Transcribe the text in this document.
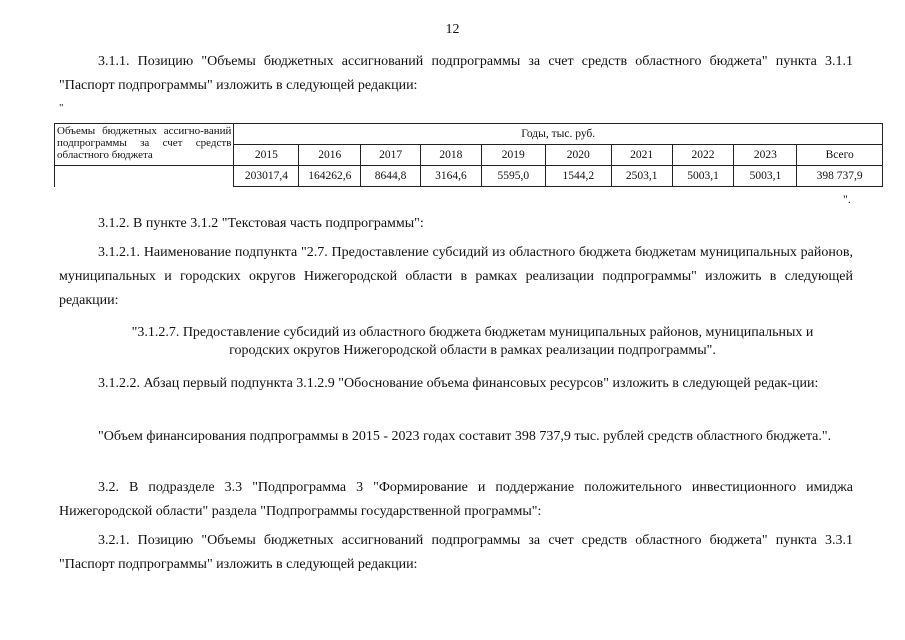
12

3.1.1. Позицию "Объемы бюджетных ассигнований подпрограммы за счет средств областного бюджета" пункта 3.1.1 "Паспорт подпрограммы" изложить в следующей редакции:

"
Объемы бюджетных ассигно-ваний подпрограммы за счет средств областного бюджета	Годы, тыс. руб.									
	2015	2016	2017	2018	2019	2020	2021	2022	2023	Всего
	203017,4	164262,6	8644,8	3164,6	5595,0	1544,2	2503,1	5003,1	5003,1	398 737,9
".

3.1.2. В пункте 3.1.2 "Текстовая часть подпрограммы":

3.1.2.1. Наименование подпункта "2.7. Предоставление субсидий из областного бюджета бюджетам муниципальных районов, муниципальных и городских округов Нижегородской области в рамках реализации подпрограммы" изложить в следующей редакции:

"3.1.2.7. Предоставление субсидий из областного бюджета бюджетам муниципальных районов, муниципальных и
городских округов Нижегородской области в рамках реализации подпрограммы".

3.1.2.2. Абзац первый подпункта 3.1.2.9 "Обоснование объема финансовых ресурсов" изложить в следующей редак-ции:

"Объем финансирования подпрограммы в 2015 - 2023 годах составит 398 737,9 тыс. рублей средств областного бюджета.".

3.2. В подразделе 3.3 "Подпрограмма 3 "Формирование и поддержание положительного инвестиционного имиджа Нижегородской области" раздела "Подпрограммы государственной программы":

3.2.1. Позицию "Объемы бюджетных ассигнований подпрограммы за счет средств областного бюджета" пункта 3.3.1 "Паспорт подпрограммы" изложить в следующей редакции:
